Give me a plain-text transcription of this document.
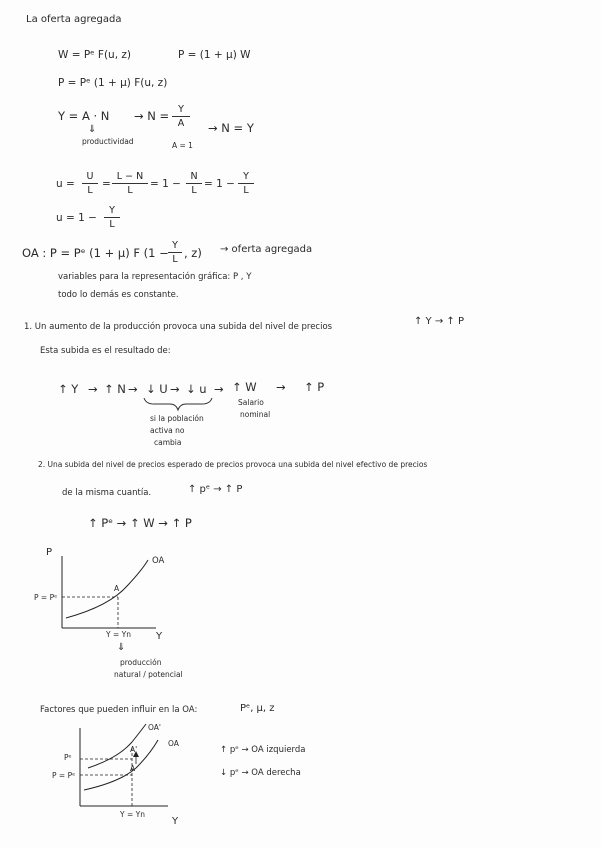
La oferta agregada
W = Pᵉ F(u, z)	P = (1 + μ) W
P = Pᵉ (1 + μ) F(u, z)
Y = A · N → N = Y
A	→ N = Y
⇓
productividad	A = 1
u =
U
L
=
L − N
L
= 1 −
N
L
= 1 −
Y
L
u = 1 −
Y
L
OA : P = Pᵉ (1 + μ) F (1 −
Y
L , z) → oferta agregada
variables para la representación gráfica: P , Y
todo lo demás es constante.
1. Un aumento de la producción provoca una subida del nivel de precios	↑ Y → ↑ P
Esta subida es el resultado de:
↑ Y → ↑ N → ↓ U → ↓ u → ↑ W → ↑ P
si la población
activa no
cambia
Salario
nominal
2. Una subida del nivel de precios esperado de precios provoca una subida del nivel efectivo de precios
de la misma cuantía.	↑ pᵉ → ↑ P
↑ Pᵉ → ↑ W → ↑ P
P
Y
OA
A
P = Pᵉ
Y = Yn
⇓
producción
natural / potencial
Factores que pueden influir en la OA:	Pᵉ, μ, z
OA
OA'
A'
A
Pᵉ
P = Pᵉ
Y = Yn
Y
↑ pᵉ → OA izquierda
↓ pᵉ → OA derecha
